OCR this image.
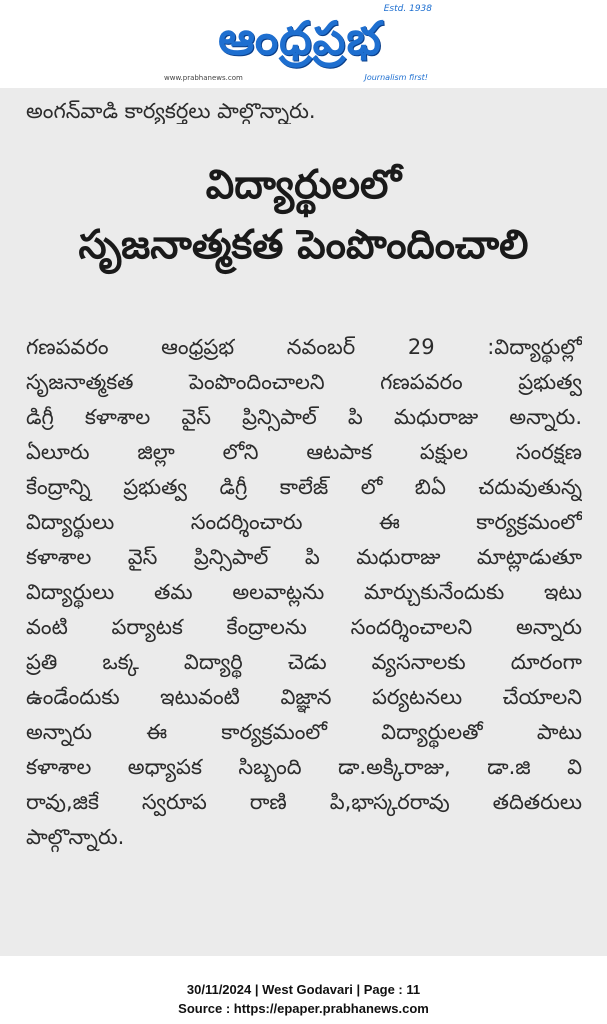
ఆంధ్రప్రభ
Estd. 1938
www.prabhanews.com	Journalism first!
అంగన్‌వాడి కార్యకర్తలు పాల్గొన్నారు.
విద్యార్థులలో
సృజనాత్మకత పెంపొందించాలి
గణపవరం ఆంధ్రప్రభ నవంబర్ 29 :విద్యార్థుల్లో
సృజనాత్మకత పెంపొందించాలని గణపవరం ప్రభుత్వ
డిగ్రీ కళాశాల వైస్ ప్రిన్సిపాల్ పి మధురాజు అన్నారు.
ఏలూరు జిల్లా లోని ఆటపాక పక్షుల సంరక్షణ
కేంద్రాన్ని ప్రభుత్వ డిగ్రీ కాలేజ్ లో బిఏ చదువుతున్న
విద్యార్థులు సందర్శించారు ఈ కార్యక్రమంలో
కళాశాల వైస్ ప్రిన్సిపాల్ పి మధురాజు మాట్లాడుతూ
విద్యార్థులు తమ అలవాట్లను మార్చుకునేందుకు ఇటు
వంటి పర్యాటక కేంద్రాలను సందర్శించాలని అన్నారు
ప్రతి ఒక్క విద్యార్థి చెడు వ్యసనాలకు దూరంగా
ఉండేందుకు ఇటువంటి విజ్ఞాన పర్యటనలు చేయాలని
అన్నారు ఈ కార్యక్రమంలో విద్యార్థులతో పాటు
కళాశాల అధ్యాపక సిబ్బంది డా.అక్కిరాజు, డా.జి వి
రావు,జికే స్వరూప రాణి పి,భాస్కరరావు తదితరులు
పాల్గొన్నారు.
30/11/2024 | West Godavari | Page : 11
Source : https://epaper.prabhanews.com
